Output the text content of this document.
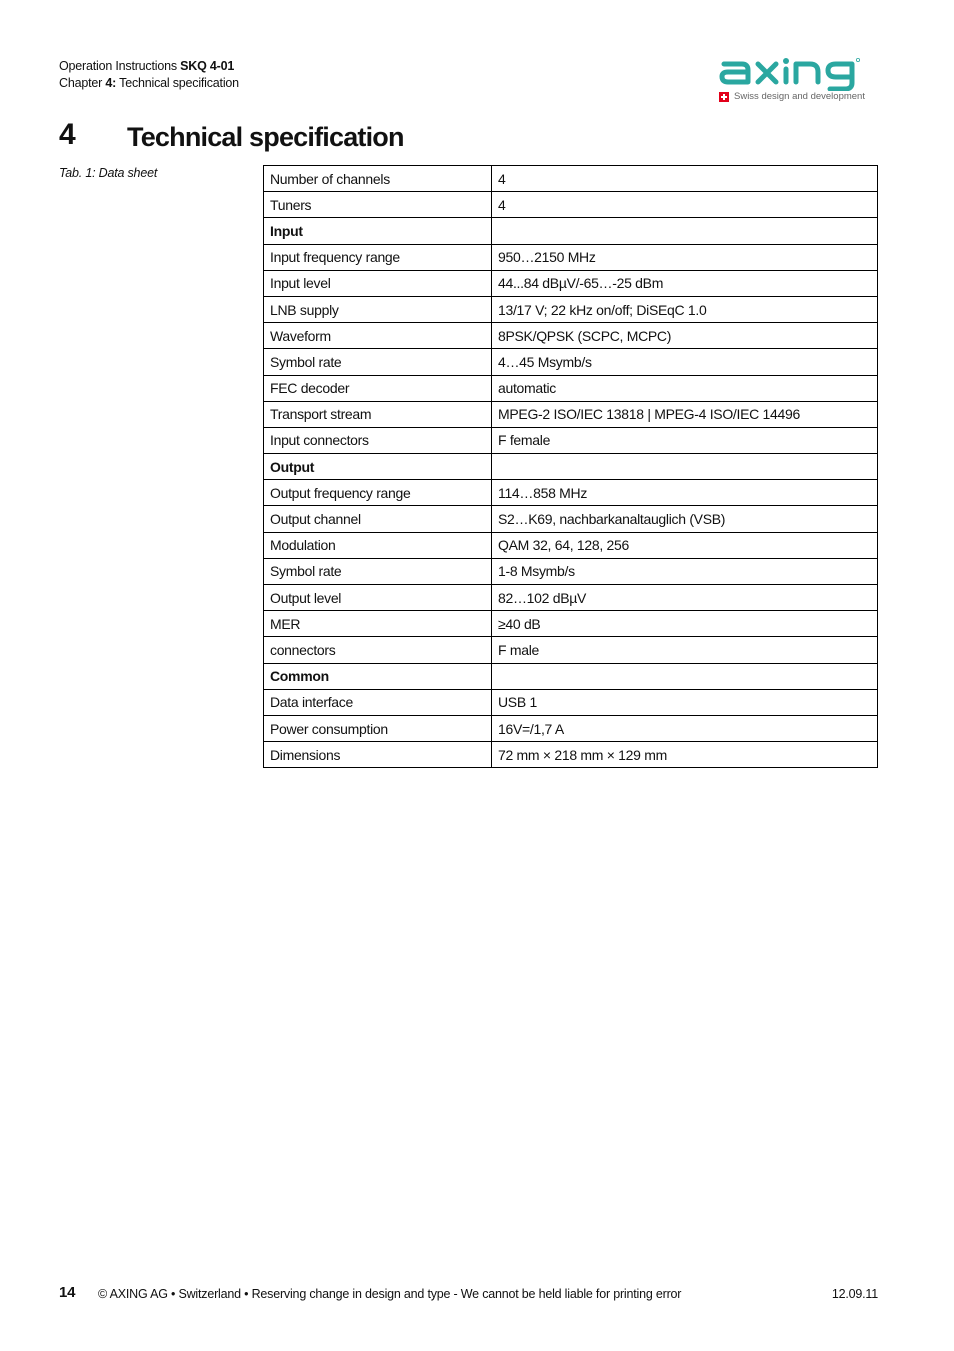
Operation Instructions SKQ 4-01
Chapter 4: Technical specification
Swiss design and development
4 Technical specification
Tab. 1: Data sheet	Number of channels	4
Tuners	4
Input	
Input frequency range	950…2150 MHz
Input level	44...84 dBµV/-65…-25 dBm
LNB supply	13/17 V; 22 kHz on/off; DiSEqC 1.0
Waveform	8PSK/QPSK (SCPC, MCPC)
Symbol rate	4…45 Msymb/s
FEC decoder	automatic
Transport stream	MPEG-2 ISO/IEC 13818 | MPEG-4 ISO/IEC 14496
Input connectors	F female
Output	
Output frequency range	114…858 MHz
Output channel	S2…K69, nachbarkanaltauglich (VSB)
Modulation	QAM 32, 64, 128, 256
Symbol rate	1-8 Msymb/s
Output level	82…102 dBµV
MER	≥40 dB
connectors	F male
Common	
Data interface	USB 1
Power consumption	16V=/1,7 A
Dimensions	72 mm × 218 mm × 129 mm
14 © AXING AG • Switzerland • Reserving change in design and type - We cannot be held liable for printing error	12.09.11
